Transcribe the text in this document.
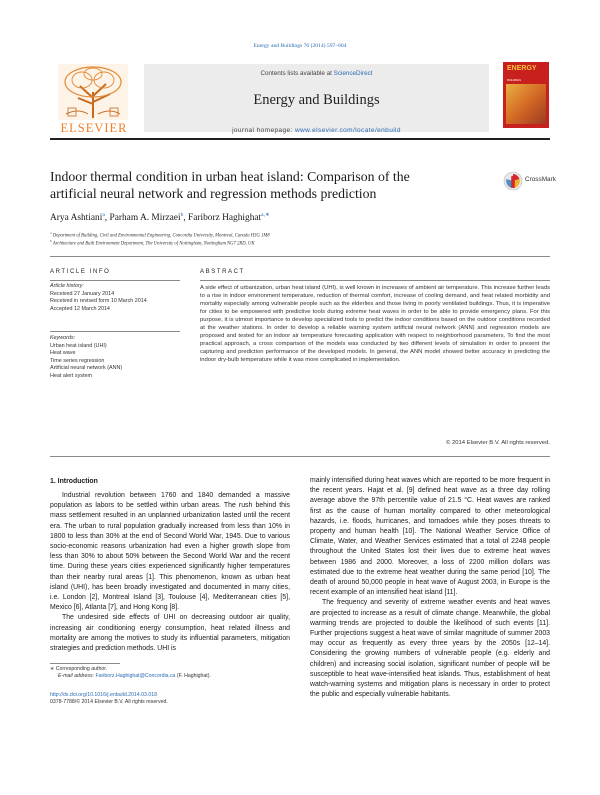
Energy and Buildings 76 (2014) 597–604
ELSEVIER
Contents lists available at ScienceDirect
Energy and Buildings
journal homepage: www.elsevier.com/locate/enbuild
ENERGY
BUILDINGS
Indoor thermal condition in urban heat island: Comparison of the
artificial neural network and regression methods prediction
CrossMark
Arya Ashtiani$^a$, Parham A. Mirzaei$^b$, Fariborz Haghighat$^{a,∗}$
$^a$ Department of Building, Civil and Environmental Engineering, Concordia University, Montreal, Canada H3G 1M8
$^b$ Architecture and Built Environment Department, The University of Nottingham, Nottingham NG7 2RD, UK
ARTICLE INFO
Article history:
Received 27 January 2014
Received in revised form 10 March 2014
Accepted 12 March 2014
Keywords:
Urban heat island (UHI)
Heat wave
Time series regression
Artificial neural network (ANN)
Heat alert system
ABSTRACT
A side effect of urbanization, urban heat island (UHI), is well known in increases of ambient air temperature. This increase further leads to a rise in indoor environment temperature, reduction of thermal comfort, increase of cooling demand, and heat related morbidity and mortality especially among vulnerable people such as the elderlies and those living in poorly ventilated buildings. Thus, it is imperative for cities to be empowered with predictive tools during extreme heat waves in order to be able to provide emergency plans. For this purpose, it is utmost importance to develop specialized tools to predict the indoor conditions based on the outdoor conditions recorded at the weather stations. In order to develop a reliable warning system artificial neural network (ANN) and regression models are proposed and tested for an indoor air temperature forecasting application with respect to neighborhood parameters. To find the most practical approach, a cross comparison of the models was conducted by two different levels of simulation in order to present the capturing and prediction performance of the developed models. In general, the ANN model showed better accuracy in predicting the indoor dry-bulb temperature while it was more complicated in implementation.
© 2014 Elsevier B.V. All rights reserved.
1. Introduction

Industrial revolution between 1760 and 1840 demanded a massive population as labors to be settled within urban areas. The rush behind this mass settlement resulted in an unplanned urbanization lasted until the recent era. The urban to rural population gradually increased from less than 10% in 1800 to less than 30% at the end of Second World War, 1945. Due to various socio-economic reasons urbanization had even a higher growth slope from less than 30% to about 50% between the Second World War and the recent time. During these years cities experienced significantly higher temperatures than their nearby rural areas [1]. This phenomenon, known as urban heat island (UHI), has been broadly investigated and documented in many cities, i.e. London [2], Montreal Island [3], Toulouse [4], Mediterranean cities [5], Mexico [6], Atlanta [7], and Hong Kong [8].

The undesired side effects of UHI on decreasing outdoor air quality, increasing air conditioning energy consumption, heat related illness and mortality are among the motives to study its influential parameters, mitigation strategies and prediction methods. UHI is

∗ Corresponding author.
E-mail address: Fariborz.Haghighat@Concordia.ca (F. Haghighat).
http://dx.doi.org/10.1016/j.enbuild.2014.03.018
0378-7788/© 2014 Elsevier B.V. All rights reserved.

mainly intensified during heat waves which are reported to be more frequent in the recent years. Hajat et al. [9] defined heat wave as a three day rolling average above the 97th percentile value of 21.5 °C. Heat waves are ranked first as the cause of human mortality compared to other meteorological hazards, i.e. floods, hurricanes, and tornadoes while they poses threats to property and human health [10]. The National Weather Service Office of Climate, Water, and Weather Services estimated that a total of 2248 people throughout the United States lost their lives due to extreme heat waves between 1986 and 2000. Moreover, a loss of 2200 million dollars was estimated due to the extreme heat weather during the same period [10]. The death of around 50,000 people in heat wave of August 2003, in Europe is the recent example of an intensified heat island [11].

The frequency and severity of extreme weather events and heat waves are projected to increase as a result of climate change. Meanwhile, the global warming trends are projected to double the likelihood of such events [11]. Further projections suggest a heat wave of similar magnitude of summer 2003 may occur as frequently as every three years by the 2050s [12–14]. Considering the growing numbers of vulnerable people (e.g. elderly and children) and increasing social isolation, significant number of people will be susceptible to heat wave-intensified heat islands. Thus, establishment of heat watch-warning systems and mitigation plans is necessary in order to protect the public and especially vulnerable habitants.
